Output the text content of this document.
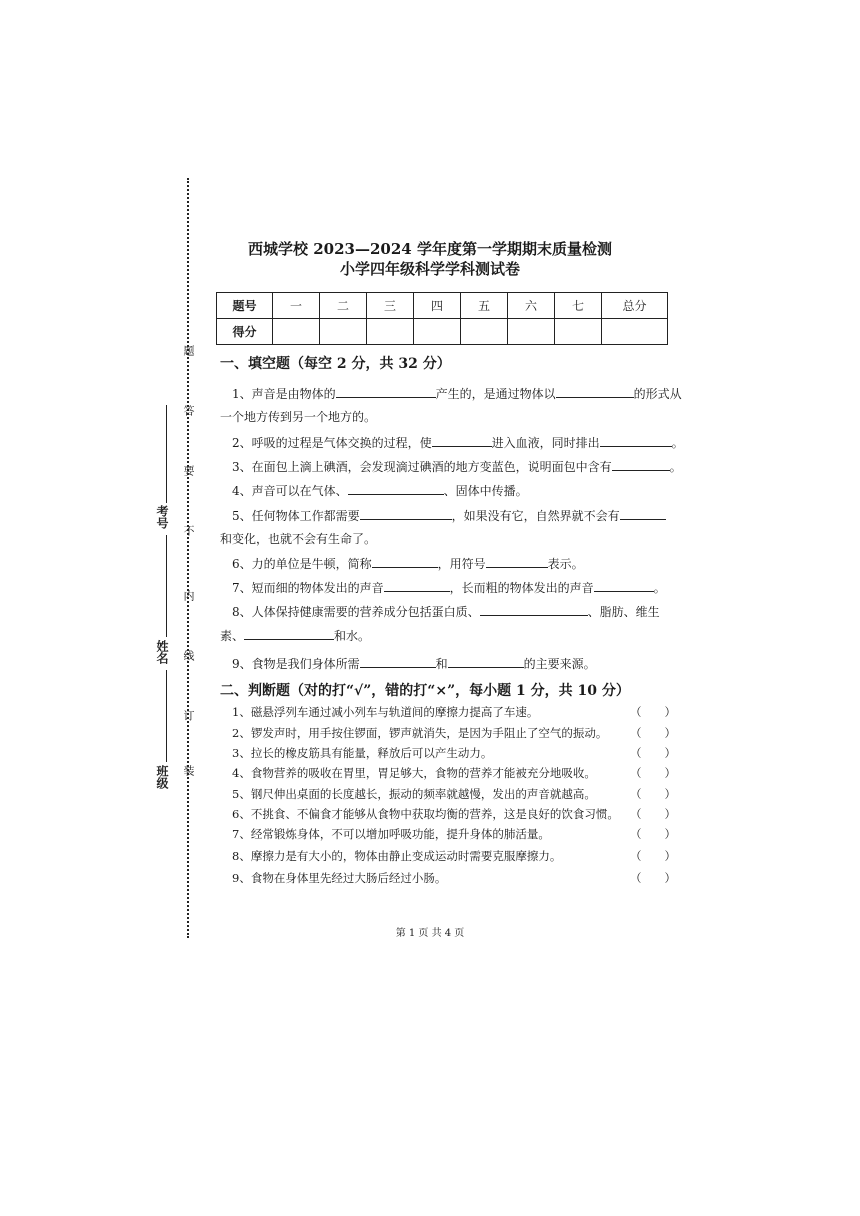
题
答
要
不
内
线
订
装
考号
姓名
班级
西城学校 2023—2024 学年度第一学期期末质量检测
小学四年级科学学科测试卷
题号	一	二	三	四	五	六	七	总分
得分								
一、填空题（每空 2 分，共 32 分）
1、声音是由物体的	产生的，是通过物体以	的形式从
一个地方传到另一个地方的。
2、呼吸的过程是气体交换的过程，使	进入血液，同时排出	。
3、在面包上滴上碘酒，会发现滴过碘酒的地方变蓝色，说明面包中含有	。
4、声音可以在气体、	、固体中传播。
5、任何物体工作都需要	，如果没有它，自然界就不会有
和变化，也就不会有生命了。
6、力的单位是牛顿，简称	，用符号	表示。
7、短而细的物体发出的声音	，长而粗的物体发出的声音	。
8、人体保持健康需要的营养成分包括蛋白质、	、脂肪、维生
素、	和水。
9、食物是我们身体所需	和	的主要来源。
二、判断题（对的打“√”，错的打“×”，每小题 1 分，共 10 分）
1、磁悬浮列车通过减小列车与轨道间的摩擦力提高了车速。	（ ）
2、锣发声时，用手按住锣面，锣声就消失，是因为手阻止了空气的振动。 （ ）
3、拉长的橡皮筋具有能量，释放后可以产生动力。	（ ）
4、食物营养的吸收在胃里，胃足够大，食物的营养才能被充分地吸收。	（ ）
5、钢尺伸出桌面的长度越长，振动的频率就越慢，发出的声音就越高。	（ ）
6、不挑食、不偏食才能够从食物中获取均衡的营养，这是良好的饮食习惯。 （ ）
7、经常锻炼身体，不可以增加呼吸功能，提升身体的肺活量。	（ ）
8、摩擦力是有大小的，物体由静止变成运动时需要克服摩擦力。	（ ）
9、食物在身体里先经过大肠后经过小肠。	（ ）
第 1 页 共 4 页
